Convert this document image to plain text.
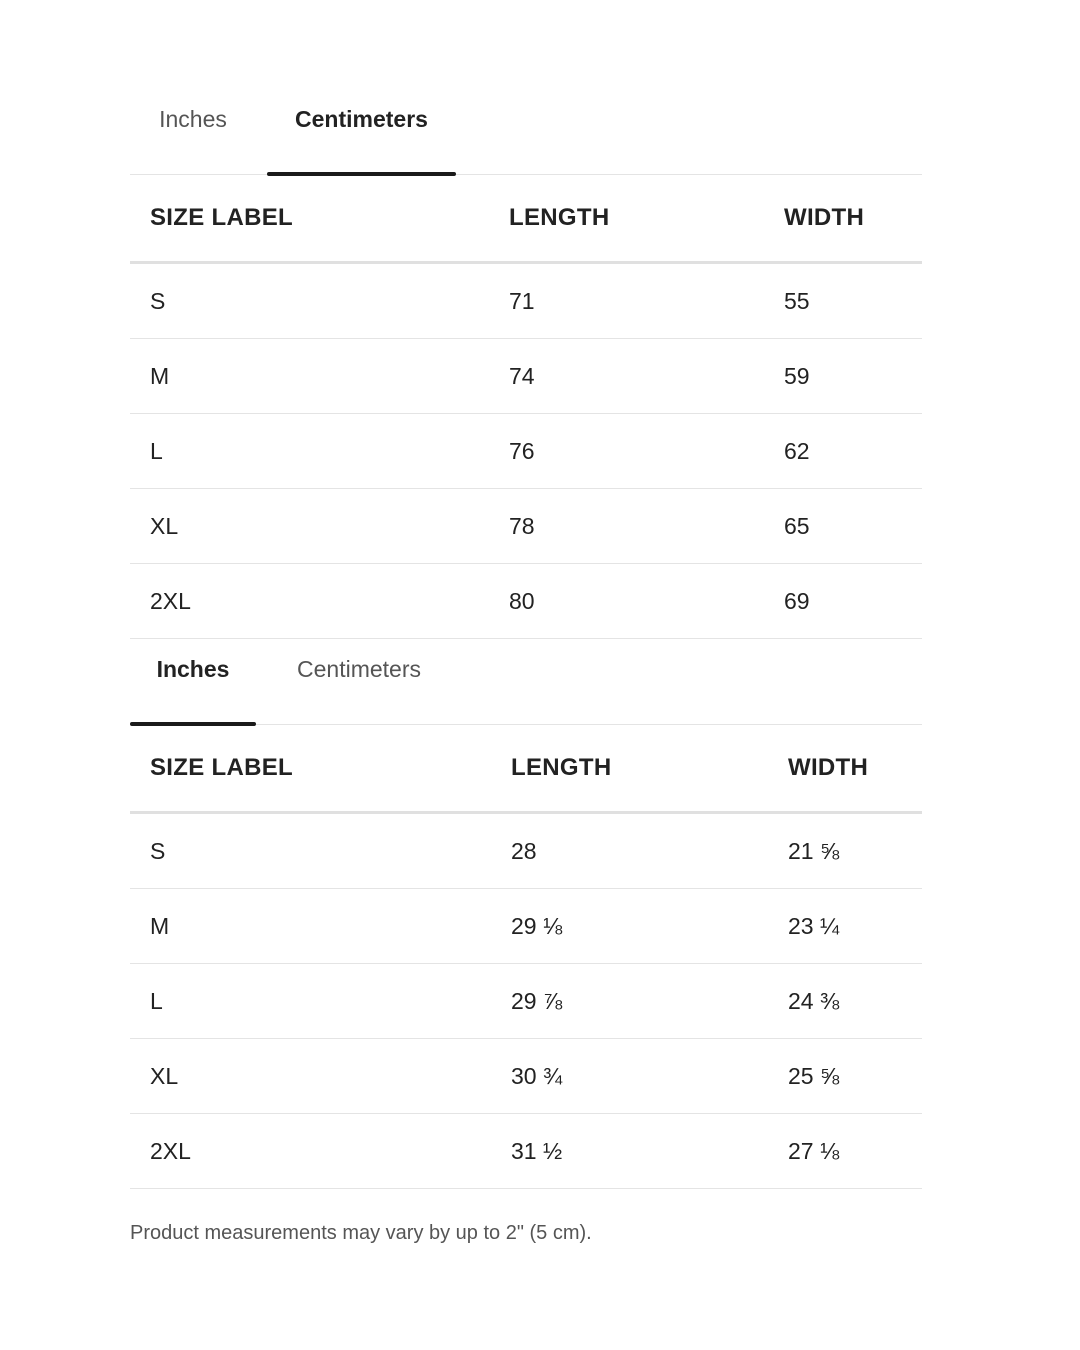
Inches	Centimeters
SIZE LABEL	LENGTH	WIDTH
S	71	55
M	74	59
L	76	62
XL	78	65
2XL	80	69
Inches	Centimeters
SIZE LABEL	LENGTH	WIDTH
S	28	21 ⅝
M	29 ⅛	23 ¼
L	29 ⅞	24 ⅜
XL	30 ¾	25 ⅝
2XL	31 ½	27 ⅛
Product measurements may vary by up to 2" (5 cm).
